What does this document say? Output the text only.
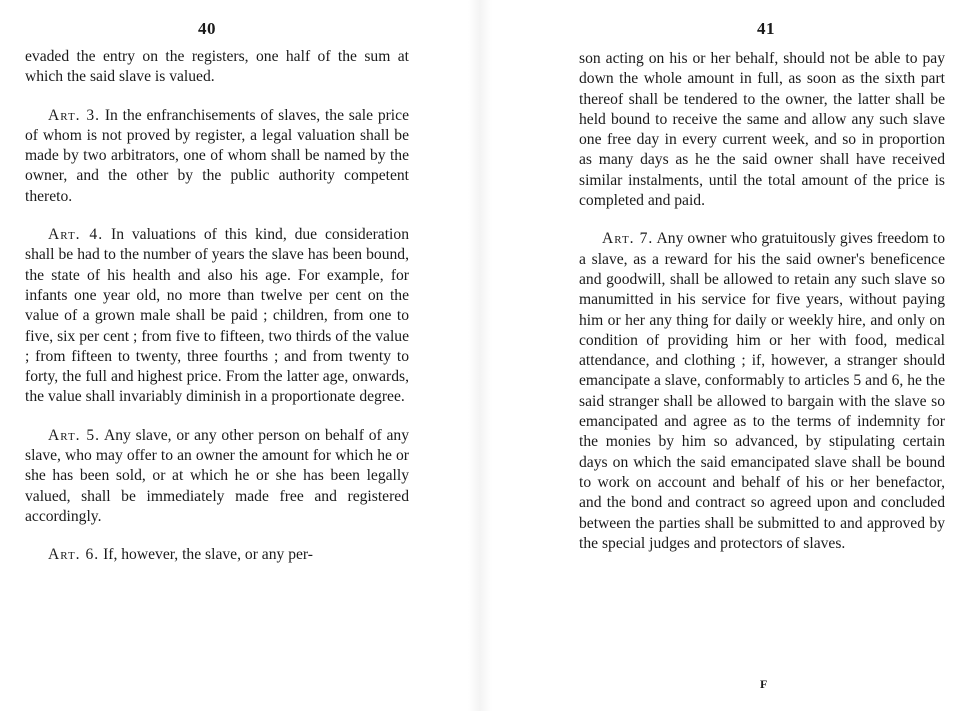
40

evaded the entry on the registers, one half of the sum at which the said slave is valued.

Art. 3. In the enfranchisements of slaves, the sale price of whom is not proved by register, a legal valuation shall be made by two arbitrators, one of whom shall be named by the owner, and the other by the public authority competent thereto.

Art. 4. In valuations of this kind, due consideration shall be had to the number of years the slave has been bound, the state of his health and also his age. For example, for infants one year old, no more than twelve per cent on the value of a grown male shall be paid ; children, from one to five, six per cent ; from five to fifteen, two thirds of the value ; from fifteen to twenty, three fourths ; and from twenty to forty, the full and highest price. From the latter age, onwards, the value shall invariably diminish in a proportionate degree.

Art. 5. Any slave, or any other person on behalf of any slave, who may offer to an owner the amount for which he or she has been sold, or at which he or she has been legally valued, shall be immediately made free and registered accordingly.

Art. 6. If, however, the slave, or any per-

41

son acting on his or her behalf, should not be able to pay down the whole amount in full, as soon as the sixth part thereof shall be tendered to the owner, the latter shall be held bound to receive the same and allow any such slave one free day in every current week, and so in proportion as many days as he the said owner shall have received similar instalments, until the total amount of the price is completed and paid.

Art. 7. Any owner who gratuitously gives freedom to a slave, as a reward for his the said owner's beneficence and goodwill, shall be allowed to retain any such slave so manumitted in his service for five years, without paying him or her any thing for daily or weekly hire, and only on condition of providing him or her with food, medical attendance, and clothing ; if, however, a stranger should emancipate a slave, conformably to articles 5 and 6, he the said stranger shall be allowed to bargain with the slave so emancipated and agree as to the terms of indemnity for the monies by him so advanced, by stipulating certain days on which the said emancipated slave shall be bound to work on account and behalf of his or her benefactor, and the bond and contract so agreed upon and concluded between the parties shall be submitted to and approved by the special judges and protectors of slaves.

F
